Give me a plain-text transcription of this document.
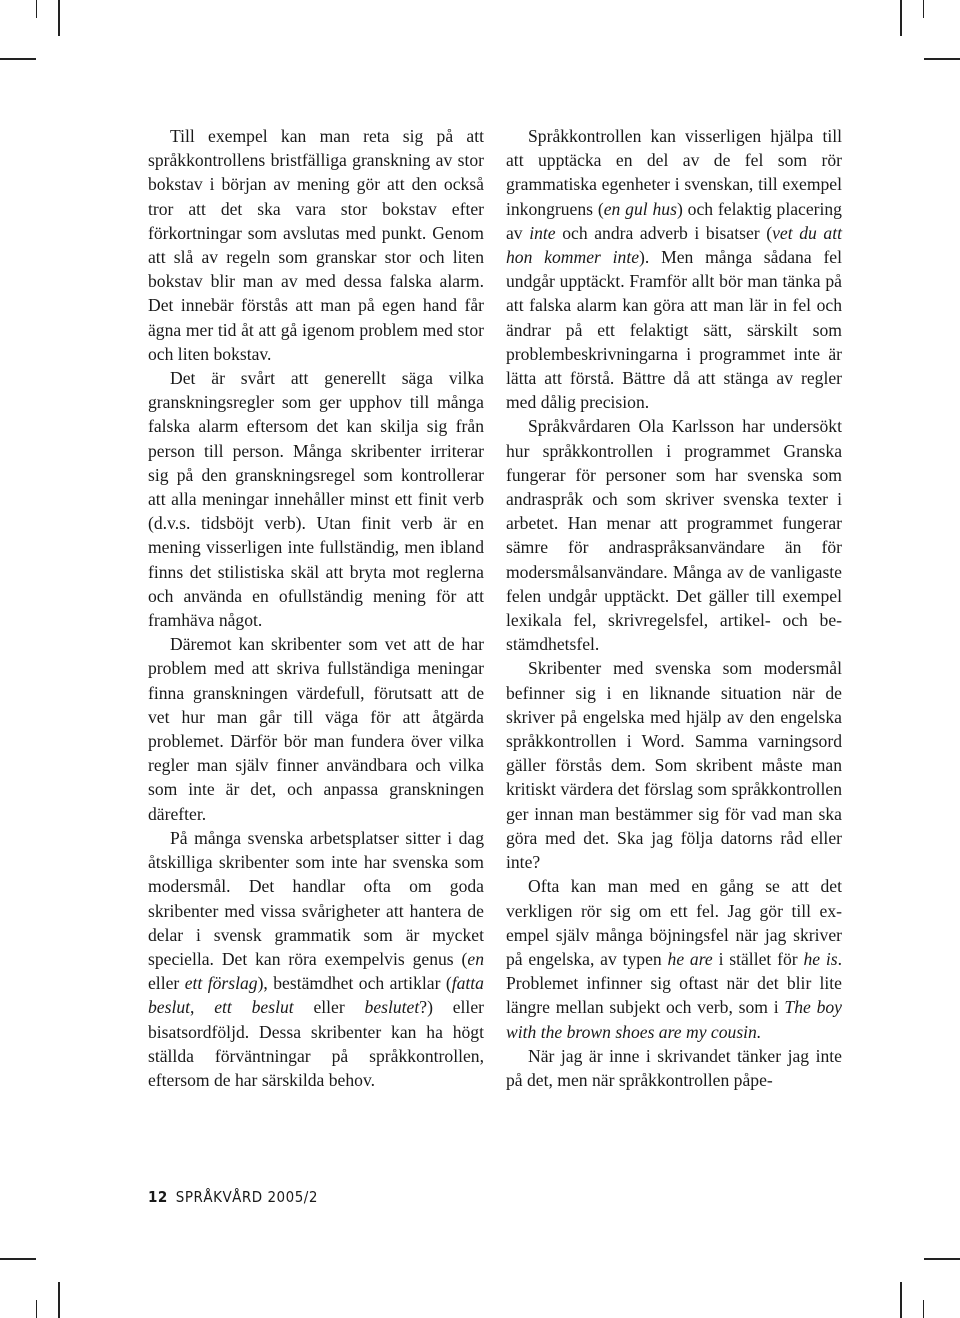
Till exempel kan man reta sig på att språkkontrollens bristfälliga granskning av stor bokstav i början av mening gör att den också tror att det ska vara stor bokstav efter förkortningar som avslutas med punkt. Genom att slå av regeln som granskar stor och liten bokstav blir man av med dessa falska alarm. Det innebär förstås att man på egen hand får ägna mer tid åt att gå igenom problem med stor och liten bokstav.

Det är svårt att generellt säga vilka granskningsregler som ger upphov till många falska alarm eftersom det kan skilja sig från person till person. Många skribenter irriterar sig på den granskningsregel som kontrollerar att alla meningar innehåller minst ett finit verb (d.v.s. tidsböjt verb). Utan finit verb är en mening visserligen inte fullständig, men ibland finns det stilistiska skäl att bryta mot reglerna och använda en ofullständig mening för att framhäva något.

Däremot kan skribenter som vet att de har problem med att skriva fullständiga meningar finna granskningen värdefull, förutsatt att de vet hur man går till väga för att åtgärda problemet. Därför bör man fundera över vilka regler man själv finner användbara och vilka som inte är det, och anpassa granskningen därefter.

På många svenska arbetsplatser sitter i dag åtskilliga skribenter som inte har svenska som modersmål. Det handlar ofta om goda skribenter med vissa svårigheter att hantera de delar i svensk grammatik som är mycket speciella. Det kan röra exempelvis genus (en eller ett förslag), bestämdhet och artiklar (fatta beslut, ett beslut eller beslutet?) eller bisatsordföljd. Dessa skribenter kan ha högt ställda förväntningar på språkkontrollen, eftersom de har särskilda behov.

Språkkontrollen kan visserligen hjälpa till att upptäcka en del av de fel som rör grammatiska egenheter i svenskan, till exempel inkongruens (en gul hus) och felaktig placering av inte och andra adverb i bisatser (vet du att hon kommer inte). Men många sådana fel undgår upptäckt. Framför allt bör man tänka på att falska alarm kan göra att man lär in fel och ändrar på ett felaktigt sätt, särskilt som problembeskrivningarna i programmet inte är lätta att förstå. Bättre då att stänga av regler med dålig precision.

Språkvårdaren Ola Karlsson har undersökt hur språkkontrollen i programmet Granska fungerar för personer som har svenska som andraspråk och som skriver svenska texter i arbetet. Han menar att programmet fungerar sämre för andraspråksanvändare än för modersmålsanvändare. Många av de vanligaste felen undgår upptäckt. Det gäller till exempel lexikala fel, skrivregelsfel, artikel- och bestämdhetsfel.

Skribenter med svenska som modersmål befinner sig i en liknande situation när de skriver på engelska med hjälp av den engelska språkkontrollen i Word. Samma varningsord gäller förstås dem. Som skribent måste man kritiskt värdera det förslag som språkkontrollen ger innan man bestämmer sig för vad man ska göra med det. Ska jag följa datorns råd eller inte?

Ofta kan man med en gång se att det verkligen rör sig om ett fel. Jag gör till exempel själv många böjningsfel när jag skriver på engelska, av typen he are i stället för he is. Problemet infinner sig oftast när det blir lite längre mellan subjekt och verb, som i The boy with the brown shoes are my cousin.

När jag är inne i skrivandet tänker jag inte på det, men när språkkontrollen påpe-

12 SPRÅKVÅRD 2005/2
